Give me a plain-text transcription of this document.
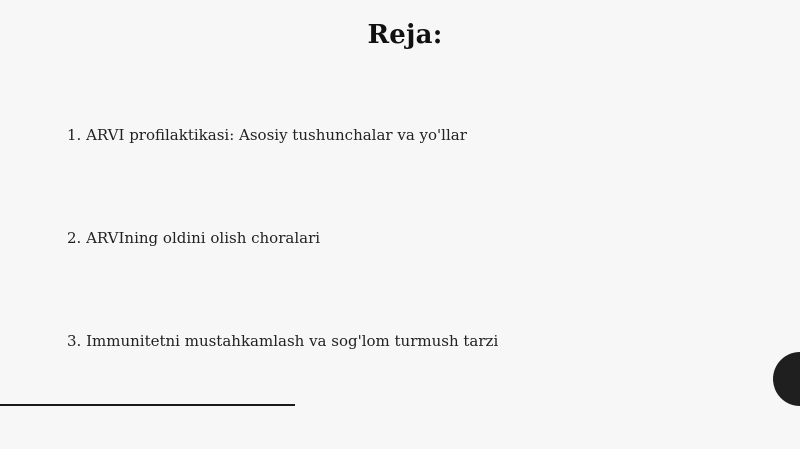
Reja:
1. ARVI profilaktikasi: Asosiy tushunchalar va yo'llar
2. ARVIning oldini olish choralari
3. Immunitetni mustahkamlash va sog'lom turmush tarzi
